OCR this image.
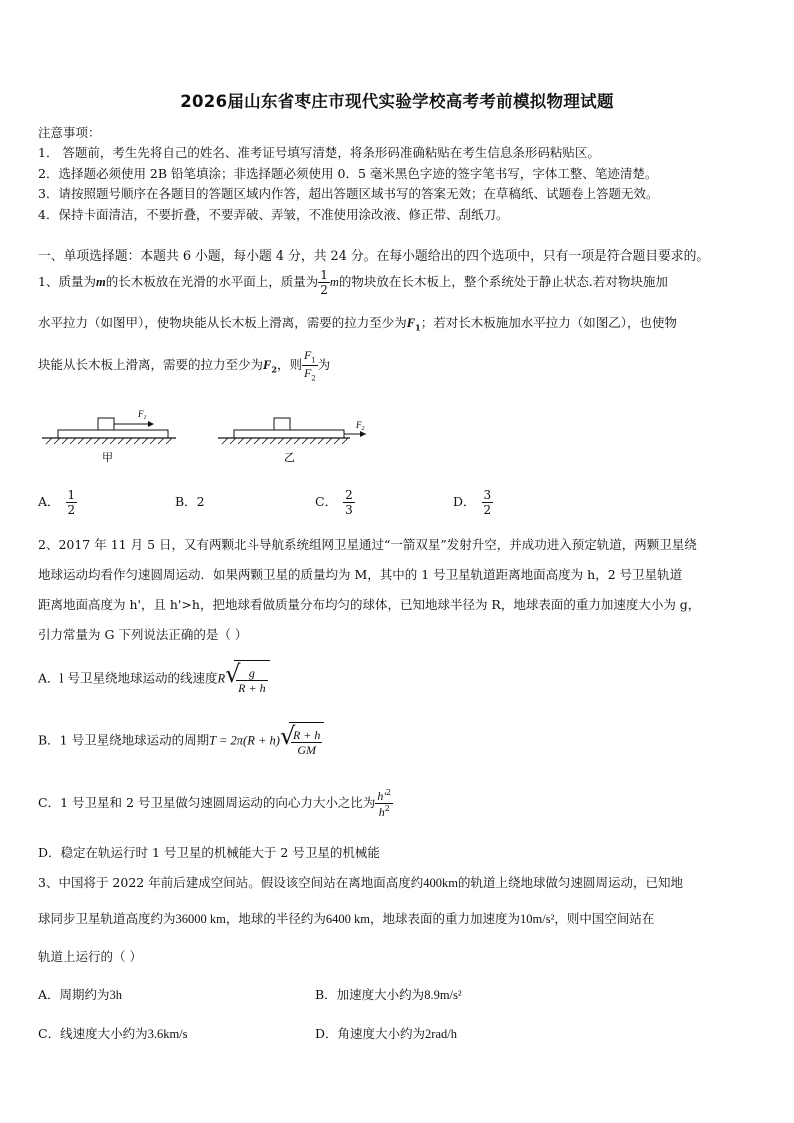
2026届山东省枣庄市现代实验学校高考考前模拟物理试题
注意事项：
1． 答题前，考生先将自己的姓名、准考证号填写清楚，将条形码准确粘贴在考生信息条形码粘贴区。
2．选择题必须使用 2B 铅笔填涂；非选择题必须使用 0．5 毫米黑色字迹的签字笔书写，字体工整、笔迹清楚。
3．请按照题号顺序在各题目的答题区域内作答，超出答题区域书写的答案无效；在草稿纸、试题卷上答题无效。
4．保持卡面清洁，不要折叠，不要弄破、弄皱，不准使用涂改液、修正带、刮纸刀。
一、单项选择题：本题共 6 小题，每小题 4 分，共 24 分。在每小题给出的四个选项中，只有一项是符合题目要求的。
1、质量为m的长木板放在光滑的水平面上，质量为 $\frac{1}{2}$ m的物块放在长木板上，整个系统处于静止状态.若对物块施加
水平拉力（如图甲），使物块能从长木板上滑离，需要的拉力至少为$F_1$；若对长木板施加水平拉力（如图乙），也使物
块能从长木板上滑离，需要的拉力至少为$F_2$，则 $\frac{F_1}{F_2}$ 为
$F_1$
甲
$F_2$
乙
A． $\frac{1}{2}$	B．2	C． $\frac{2}{3}$	D． $\frac{3}{2}$
2、2017 年 11 月 5 日，又有两颗北斗导航系统组网卫星通过“一箭双星”发射升空，并成功进入预定轨道，两颗卫星绕
地球运动均看作匀速圆周运动．如果两颗卫星的质量均为 M，其中的 1 号卫星轨道距离地面高度为 h，2 号卫星轨道
距离地面高度为 h'，且 h'>h，把地球看做质量分布均匀的球体，已知地球半径为 R，地球表面的重力加速度大小为 g，
引力常量为 G 下列说法正确的是（ ）
A．l 号卫星绕地球运动的线速度R √
$\frac{g}{R + h}$
B．1 号卫星绕地球运动的周期T = 2π(R + h) √
$\frac{R + h}{GM}$
C．1 号卫星和 2 号卫星做匀速圆周运动的向心力大小之比为 $\frac{h'^2}{h^2}$
D．稳定在轨运行时 1 号卫星的机械能大于 2 号卫星的机械能
3、中国将于 2022 年前后建成空间站。假设该空间站在离地面高度约400km的轨道上绕地球做匀速圆周运动，已知地
球同步卫星轨道高度约为36000 km，地球的半径约为6400 km，地球表面的重力加速度为10m/s²，则中国空间站在
轨道上运行的（ ）
A．周期约为3h	B．加速度大小约为8.9m/s²
C．线速度大小约为3.6km/s	D．角速度大小约为2rad/h
